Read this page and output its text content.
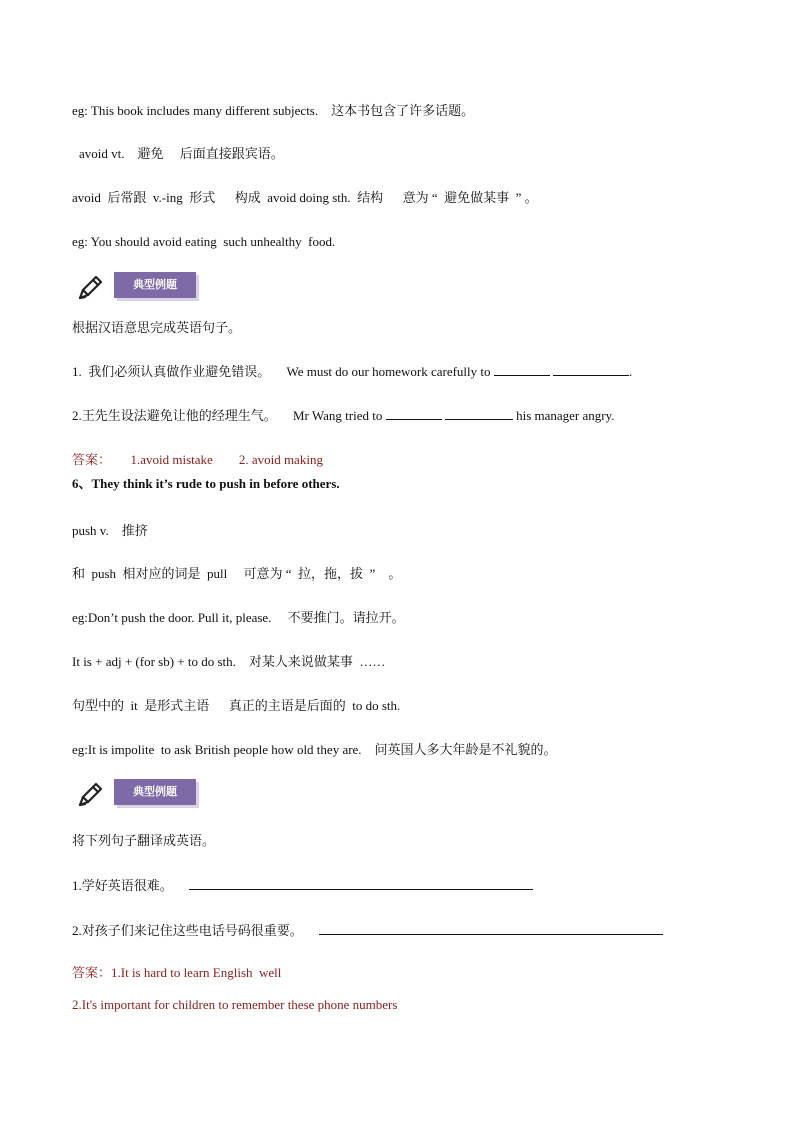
eg: This book includes many different subjects.    这本书包含了许多话题。
avoid vt.    避免     后面直接跟宾语。
avoid  后常跟  v.-ing  形式      构成  avoid doing sth.  结构      意为 “  避免做某事  ” 。
eg: You should avoid eating  such unhealthy  food.
典型例题
根据汉语意思完成英语句子。
1.  我们必须认真做作业避免错误。     We must do our homework carefully to	.
2.王先生设法避免让他的经理生气。     Mr Wang tried to	his manager angry.
答案：      1.avoid mistake        2. avoid making
6、They think it’s rude to push in before others.
push v.    推挤
和  push  相对应的词是  pull     可意为 “  拉，拖，拔  ”    。
eg:Don’t push the door. Pull it, please.     不要推门。请拉开。
It is + adj + (for sb) + to do sth.    对某人来说做某事  ……
句型中的  it  是形式主语      真正的主语是后面的  to do sth.
eg:It is impolite  to ask British people how old they are.    问英国人多大年龄是不礼貌的。
典型例题
将下列句子翻译成英语。
1.学好英语很难。
2.对孩子们来记住这些电话号码很重要。
答案：1.It is hard to learn English  well
2.It's important for children to remember these phone numbers
